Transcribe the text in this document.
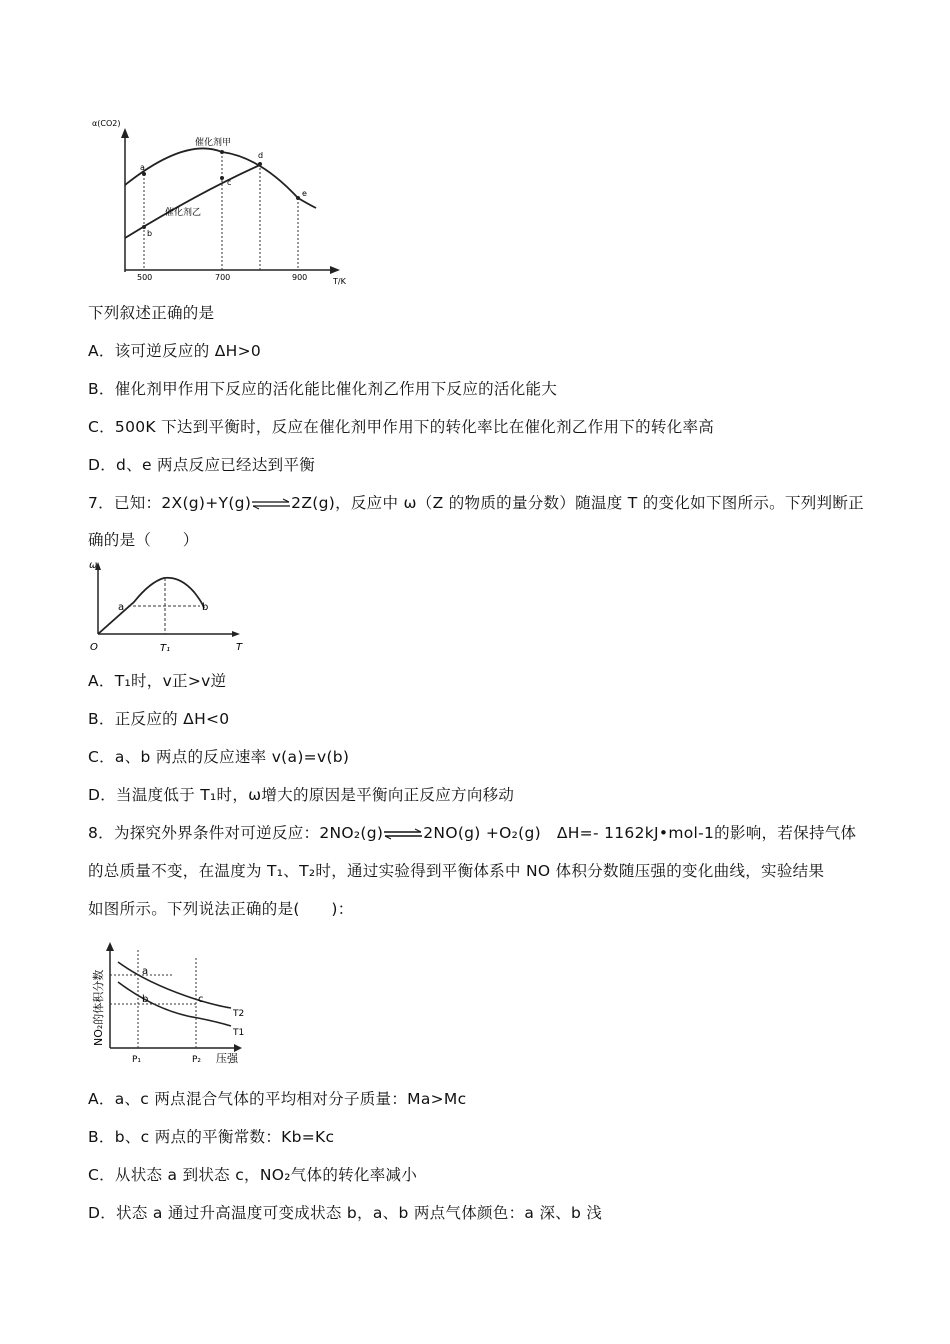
α(CO2)
T/K
500	700	900
a
b
c
d
e
催化剂甲
催化剂乙
下列叙述正确的是
A．该可逆反应的 ΔH>0
B．催化剂甲作用下反应的活化能比催化剂乙作用下反应的活化能大
C．500K 下达到平衡时，反应在催化剂甲作用下的转化率比在催化剂乙作用下的转化率高
D．d、e 两点反应已经达到平衡
7．已知：2X(g)+Y(g)⇌2Z(g)，反应中 ω（Z 的物质的量分数）随温度 T 的变化如下图所示。下列判断正
确的是（　　）
ω
O	T
T₁
a	b
A．T₁时，v正>v逆
B．正反应的 ΔH<0
C．a、b 两点的反应速率 v(a)=v(b)
D．当温度低于 T₁时，ω增大的原因是平衡向正反应方向移动
8．为探究外界条件对可逆反应：2NO₂(g)⇌2NO(g) +O₂(g)　ΔH=- 1162kJ•mol-1的影响，若保持气体
的总质量不变，在温度为 T₁、T₂时，通过实验得到平衡体系中 NO 体积分数随压强的变化曲线，实验结果
如图所示。下列说法正确的是(　　)：
NO₂的体积分数
压强
P₁	P₂
a
b	c
T2
T1
A．a、c 两点混合气体的平均相对分子质量：Ma>Mc
B．b、c 两点的平衡常数：Kb=Kc
C．从状态 a 到状态 c，NO₂气体的转化率减小
D．状态 a 通过升高温度可变成状态 b，a、b 两点气体颜色：a 深、b 浅
